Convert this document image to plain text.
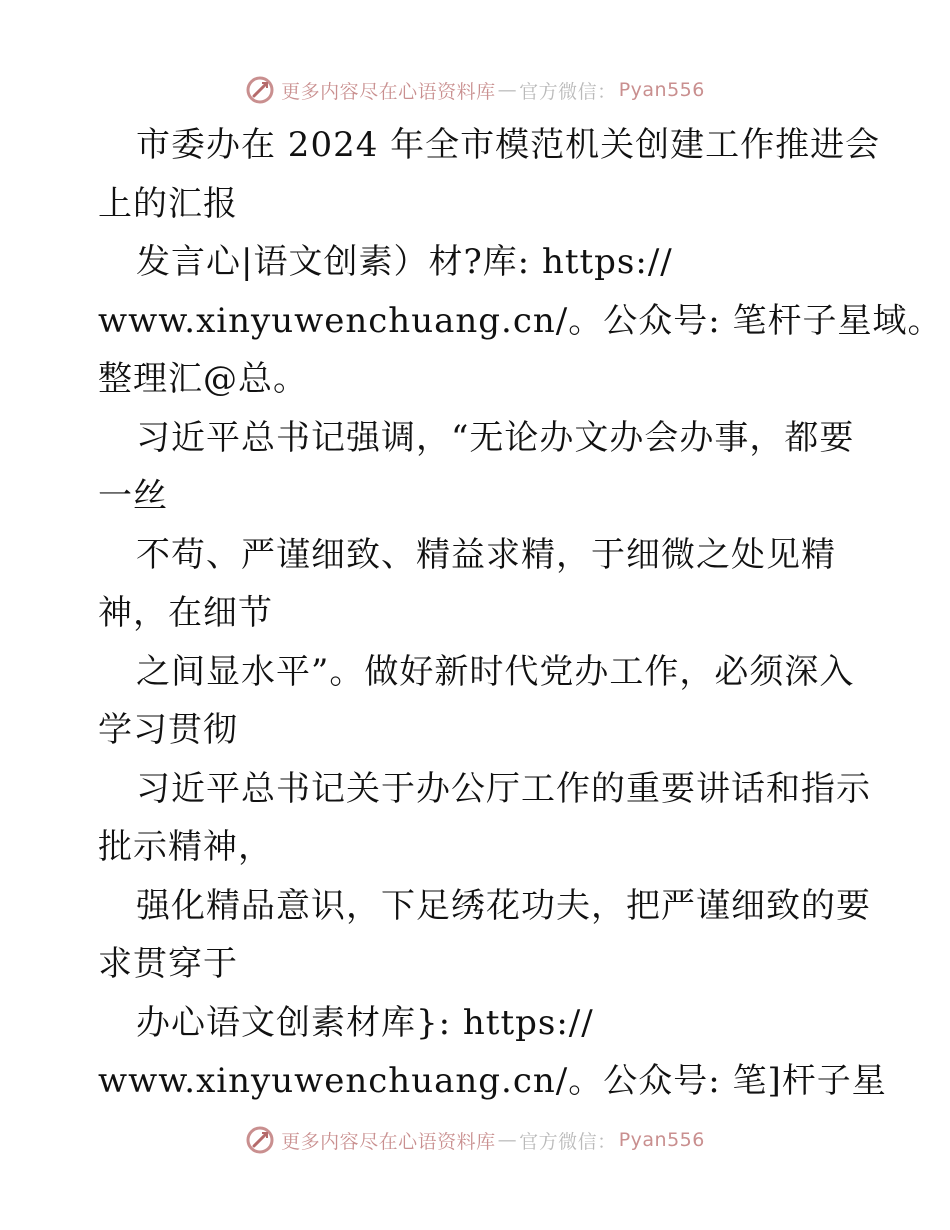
更多内容尽在心语资料库 — 官方微信： Pyan556
市委办在 2024 年全市模范机关创建工作推进会
上的汇报
发言心|语文创素）材?库: https://
www.xinyuwenchuang.cn/。公众号: 笔杆子星域。
整理汇@总。
习近平总书记强调，“无论办文办会办事，都要
一丝
不苟、严谨细致、精益求精，于细微之处见精
神，在细节
之间显水平”。做好新时代党办工作，必须深入
学习贯彻
习近平总书记关于办公厅工作的重要讲话和指示
批示精神，
强化精品意识，下足绣花功夫，把严谨细致的要
求贯穿于
办心语文创素材库}: https://
www.xinyuwenchuang.cn/。公众号: 笔]杆子星
更多内容尽在心语资料库 — 官方微信： Pyan556
